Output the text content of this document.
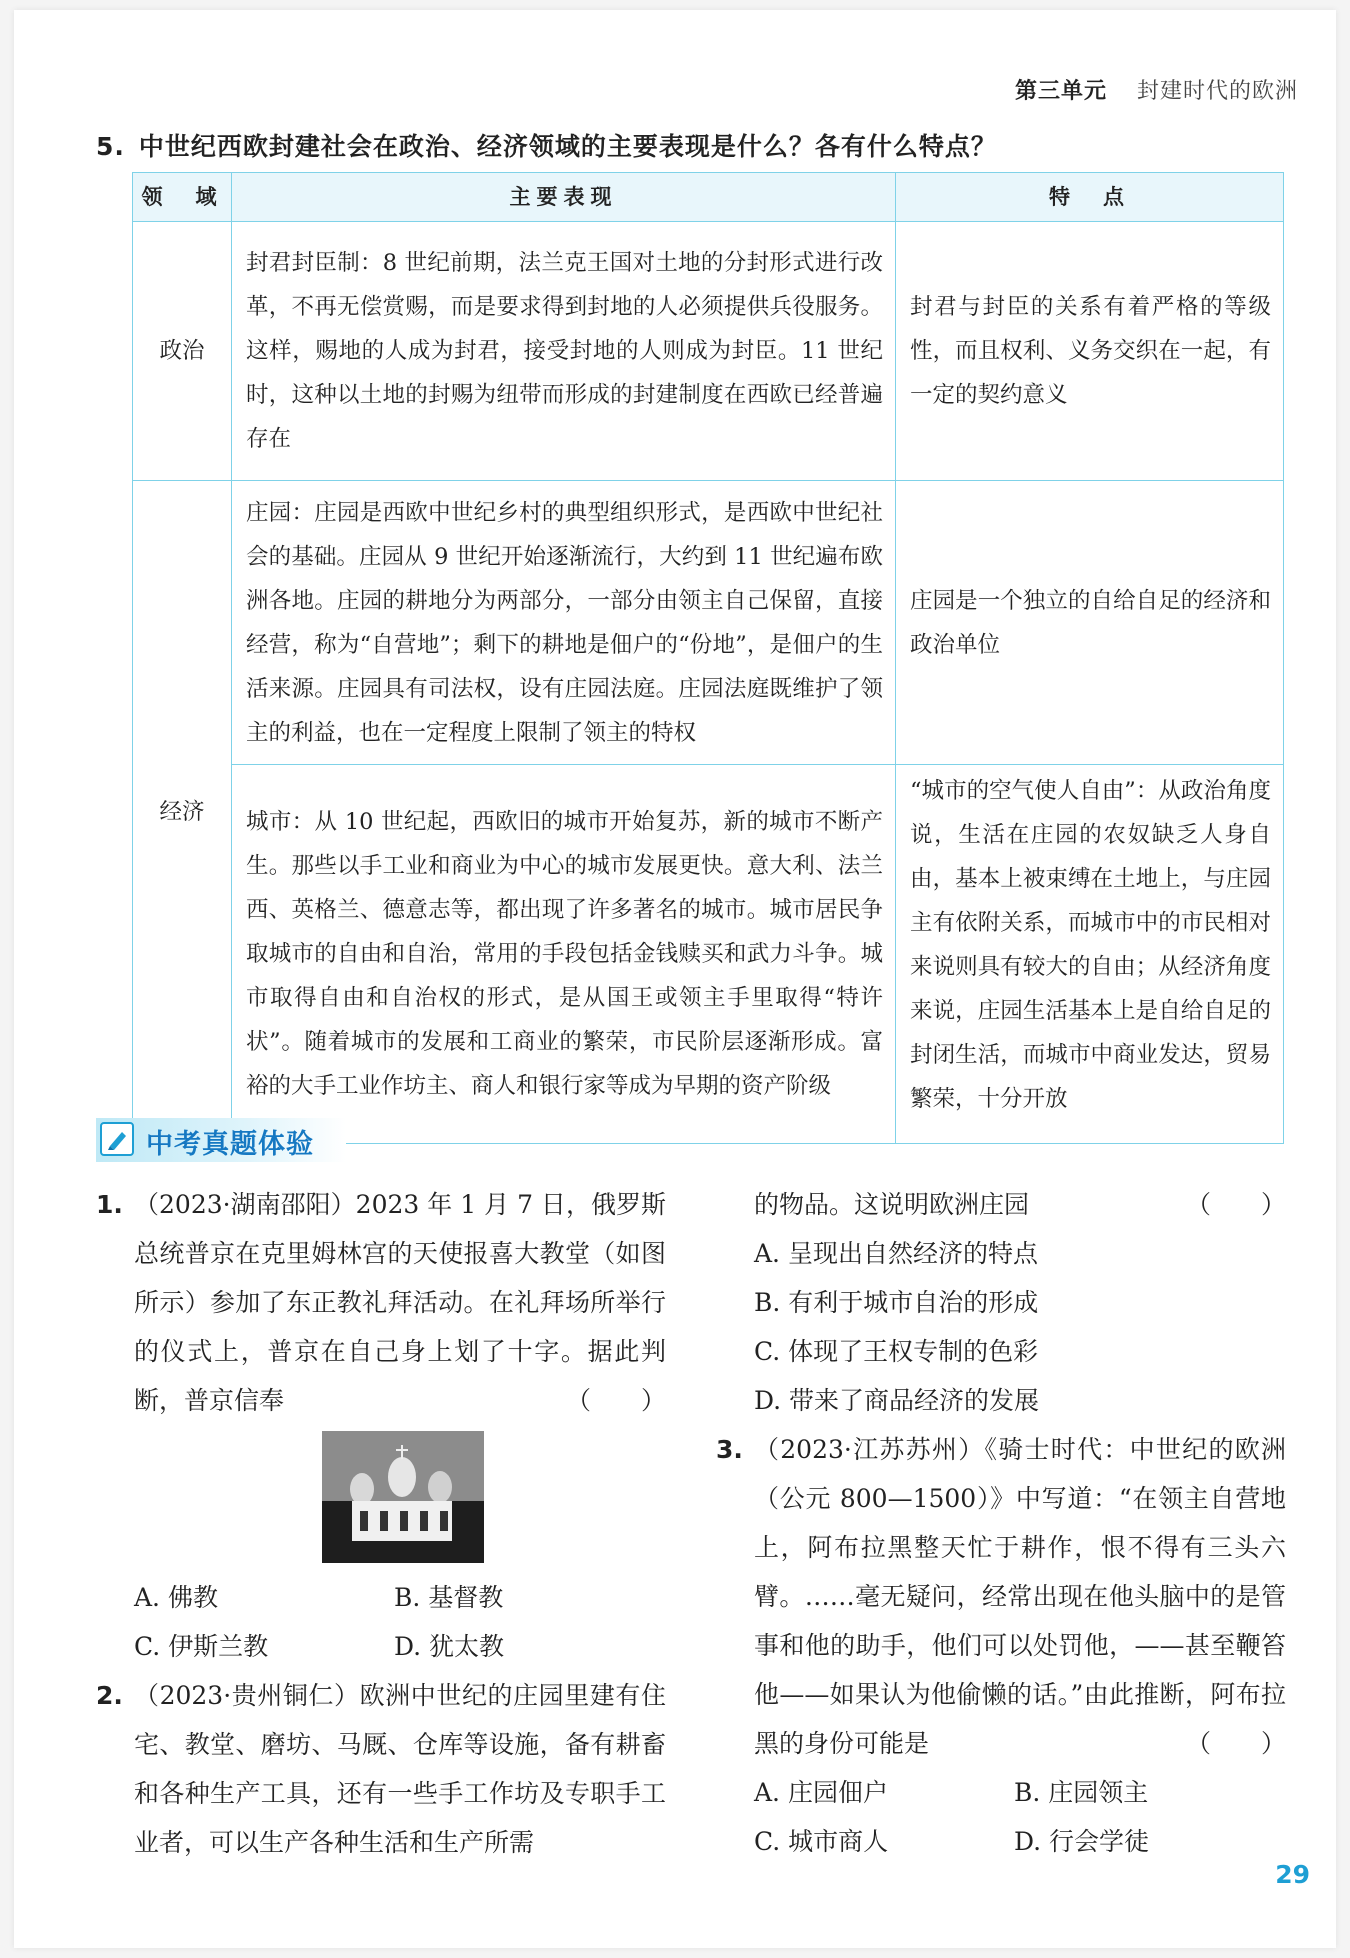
第三单元 封建时代的欧洲
5. 中世纪西欧封建社会在政治、经济领域的主要表现是什么？各有什么特点？
领　域	主要表现	特　点
政治	封君封臣制：8 世纪前期，法兰克王国对土地的分封形式进行改革，不再无偿赏赐，而是要求得到封地的人必须提供兵役服务。这样，赐地的人成为封君，接受封地的人则成为封臣。11 世纪时，这种以土地的封赐为纽带而形成的封建制度在西欧已经普遍存在	封君与封臣的关系有着严格的等级性，而且权利、义务交织在一起，有一定的契约意义
经济	庄园：庄园是西欧中世纪乡村的典型组织形式，是西欧中世纪社会的基础。庄园从 9 世纪开始逐渐流行，大约到 11 世纪遍布欧洲各地。庄园的耕地分为两部分，一部分由领主自己保留，直接经营，称为“自营地”；剩下的耕地是佃户的“份地”，是佃户的生活来源。庄园具有司法权，设有庄园法庭。庄园法庭既维护了领主的利益，也在一定程度上限制了领主的特权	庄园是一个独立的自给自足的经济和政治单位
	城市：从 10 世纪起，西欧旧的城市开始复苏，新的城市不断产生。那些以手工业和商业为中心的城市发展更快。意大利、法兰西、英格兰、德意志等，都出现了许多著名的城市。城市居民争取城市的自由和自治，常用的手段包括金钱赎买和武力斗争。城市取得自由和自治权的形式，是从国王或领主手里取得“特许状”。随着城市的发展和工商业的繁荣，市民阶层逐渐形成。富裕的大手工业作坊主、商人和银行家等成为早期的资产阶级	“城市的空气使人自由”：从政治角度说，生活在庄园的农奴缺乏人身自由，基本上被束缚在土地上，与庄园主有依附关系，而城市中的市民相对来说则具有较大的自由；从经济角度来说，庄园生活基本上是自给自足的封闭生活，而城市中商业发达，贸易繁荣，十分开放
中考真题体验
1. （2023·湖南邵阳）2023 年 1 月 7 日，俄罗斯总统普京在克里姆林宫的天使报喜大教堂（如图所示）参加了东正教礼拜活动。在礼拜场所举行的仪式上，普京在自己身上划了十字。据此判断，普京信奉	（　　）
A. 佛教	B. 基督教
C. 伊斯兰教	D. 犹太教
2. （2023·贵州铜仁）欧洲中世纪的庄园里建有住宅、教堂、磨坊、马厩、仓库等设施，备有耕畜和各种生产工具，还有一些手工作坊及专职手工业者，可以生产各种生活和生产所需
的物品。这说明欧洲庄园	（　　）
A. 呈现出自然经济的特点
B. 有利于城市自治的形成
C. 体现了王权专制的色彩
D. 带来了商品经济的发展
3. （2023·江苏苏州）《骑士时代：中世纪的欧洲（公元 800—1500）》中写道：“在领主自营地上，阿布拉黑整天忙于耕作，恨不得有三头六臂。……毫无疑问，经常出现在他头脑中的是管事和他的助手，他们可以处罚他，——甚至鞭笞他——如果认为他偷懒的话。”由此推断，阿布拉黑的身份可能是	（　　）
A. 庄园佃户	B. 庄园领主
C. 城市商人	D. 行会学徒
29
